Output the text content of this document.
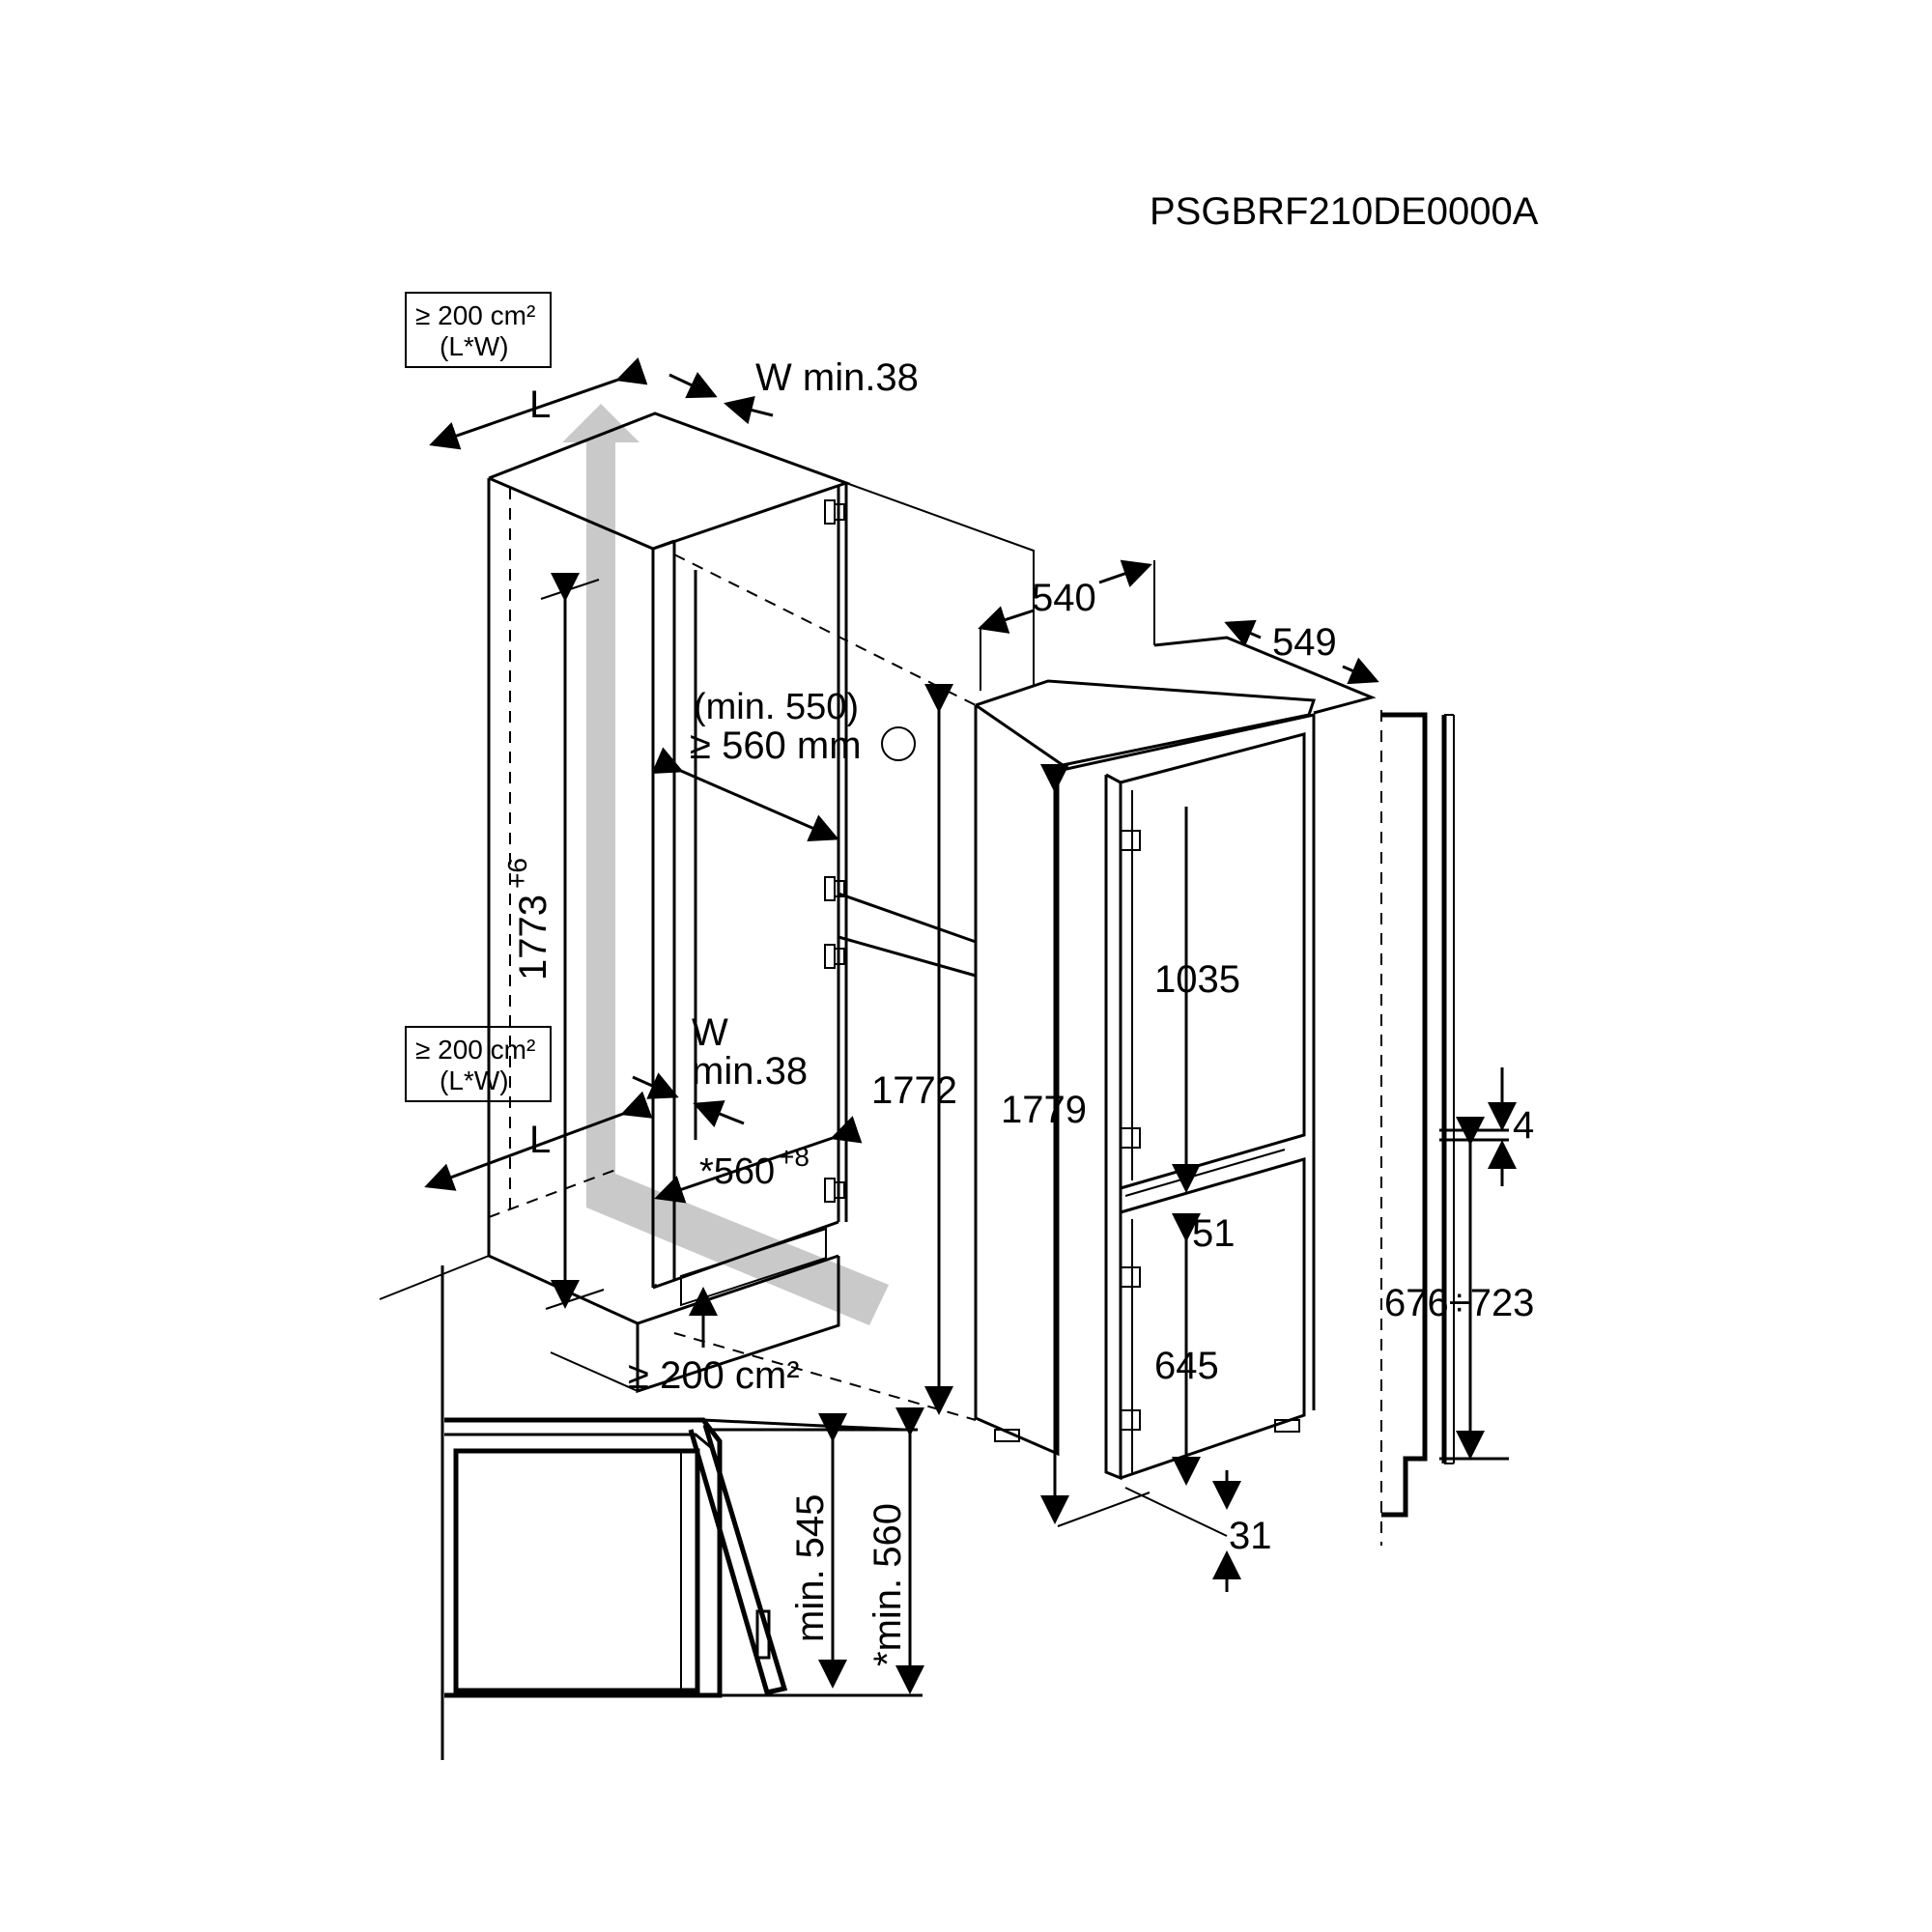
PSGBRF210DE0000A
≥ 200 cm²
(L*W)
L
W min.38
1773
+6
(min. 550)
≥ 560 mm
≥ 200 cm²
(L*W)
L
W
min.38
*560 +8
≥ 200 cm²
540
549
1772 1779
1035
645
51
31
4
676÷723
min. 545 *min. 560
